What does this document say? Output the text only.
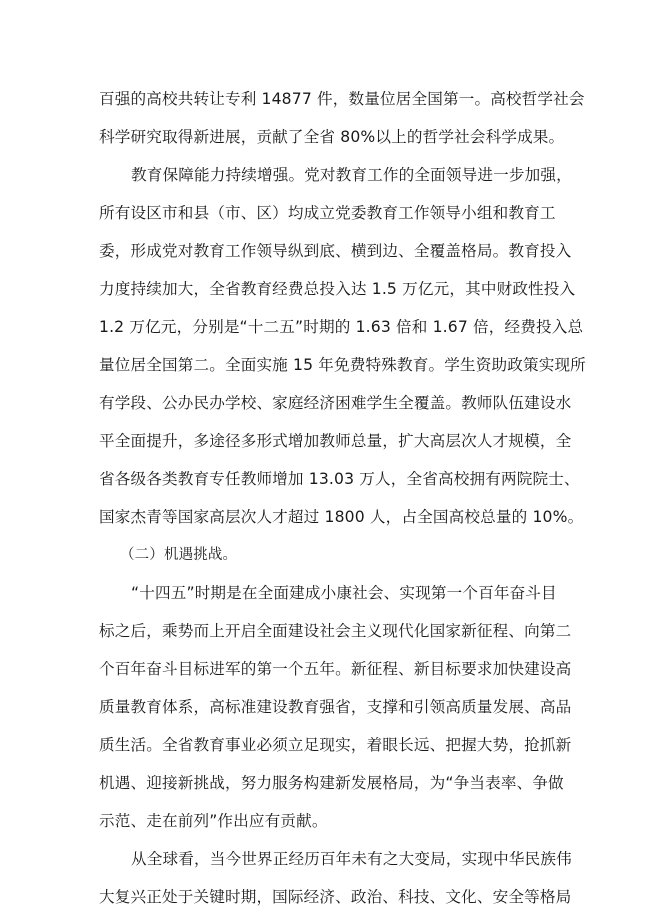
百强的高校共转让专利 14877 件，数量位居全国第一。高校哲学社会
科学研究取得新进展，贡献了全省 80%以上的哲学社会科学成果。
教育保障能力持续增强。党对教育工作的全面领导进一步加强，
所有设区市和县（市、区）均成立党委教育工作领导小组和教育工
委，形成党对教育工作领导纵到底、横到边、全覆盖格局。教育投入
力度持续加大，全省教育经费总投入达 1.5 万亿元，其中财政性投入
1.2 万亿元，分别是“十二五”时期的 1.63 倍和 1.67 倍，经费投入总
量位居全国第二。全面实施 15 年免费特殊教育。学生资助政策实现所
有学段、公办民办学校、家庭经济困难学生全覆盖。教师队伍建设水
平全面提升，多途径多形式增加教师总量，扩大高层次人才规模，全
省各级各类教育专任教师增加 13.03 万人，全省高校拥有两院院士、
国家杰青等国家高层次人才超过 1800 人，占全国高校总量的 10%。
（二）机遇挑战。
“十四五”时期是在全面建成小康社会、实现第一个百年奋斗目
标之后，乘势而上开启全面建设社会主义现代化国家新征程、向第二
个百年奋斗目标进军的第一个五年。新征程、新目标要求加快建设高
质量教育体系，高标准建设教育强省，支撑和引领高质量发展、高品
质生活。全省教育事业必须立足现实，着眼长远、把握大势，抢抓新
机遇、迎接新挑战，努力服务构建新发展格局，为“争当表率、争做
示范、走在前列”作出应有贡献。
从全球看，当今世界正经历百年未有之大变局，实现中华民族伟
大复兴正处于关键时期，国际经济、政治、科技、文化、安全等格局
